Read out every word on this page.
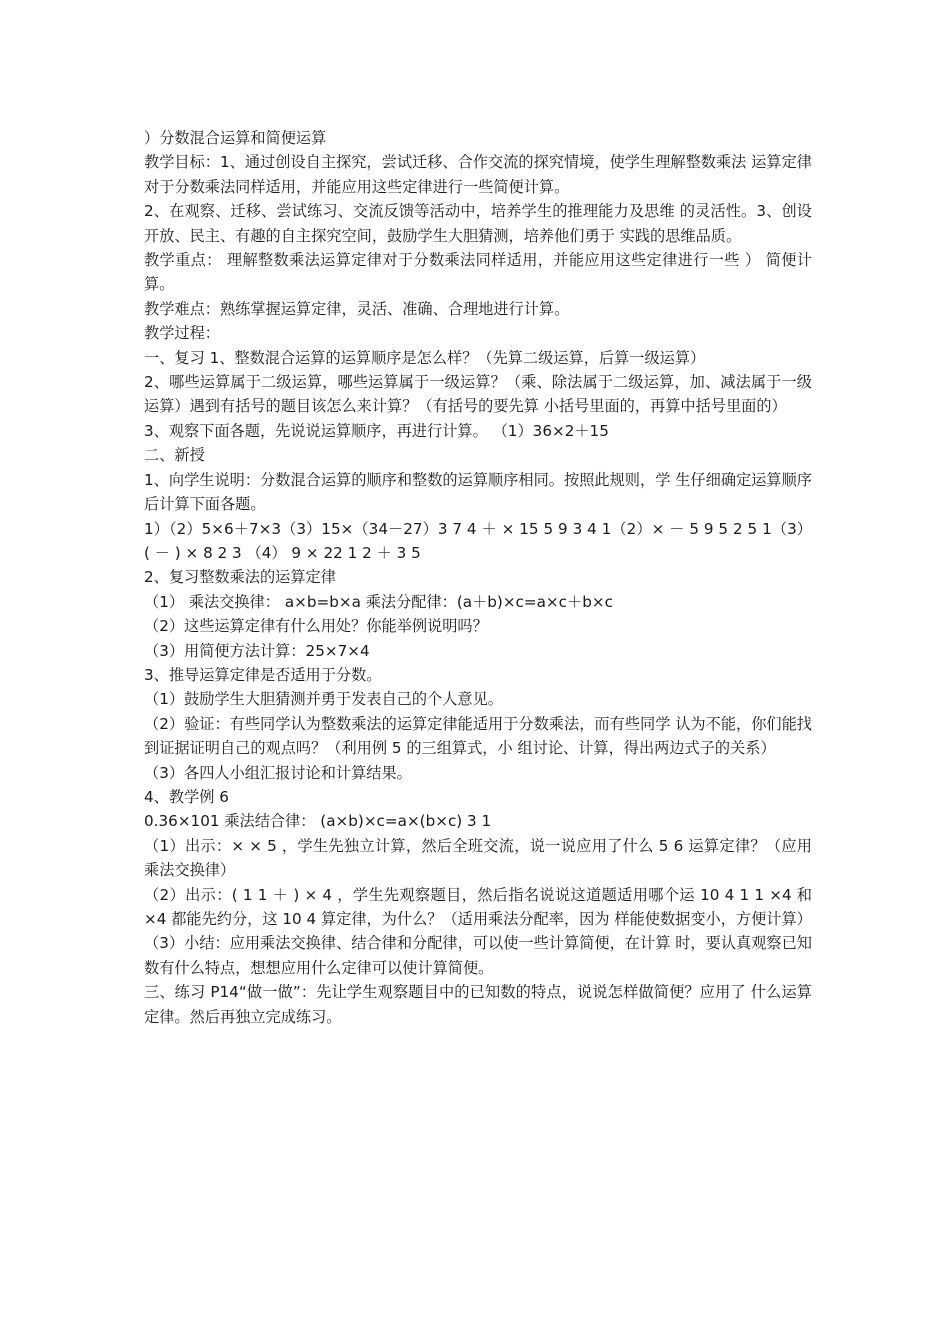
）分数混合运算和简便运算

教学目标：1、通过创设自主探究，尝试迁移、合作交流的探究情境，使学生理解整数乘法 运算定律对于分数乘法同样适用，并能应用这些定律进行一些简便计算。

2、在观察、迁移、尝试练习、交流反馈等活动中，培养学生的推理能力及思维 的灵活性。3、创设开放、民主、有趣的自主探究空间，鼓励学生大胆猜测，培养他们勇于 实践的思维品质。

教学重点： 理解整数乘法运算定律对于分数乘法同样适用，并能应用这些定律进行一些 ） 简便计算。

教学难点：熟练掌握运算定律，灵活、准确、合理地进行计算。

教学过程：

一、复习 1、整数混合运算的运算顺序是怎么样？（先算二级运算，后算一级运算）

2、哪些运算属于二级运算，哪些运算属于一级运算？（乘、除法属于二级运算，加、减法属于一级运算）遇到有括号的题目该怎么来计算？（有括号的要先算 小括号里面的，再算中括号里面的）

3、观察下面各题，先说说运算顺序，再进行计算。 （1）36×2＋15

二、新授

1、向学生说明：分数混合运算的顺序和整数的运算顺序相同。按照此规则，学 生仔细确定运算顺序后计算下面各题。

1）（2）5×6＋7×3（3）15×（34－27）3 7 4 ＋ × 15 5 9 3 4 1（2）× － 5 9 5 2 5 1（3）( － ) × 8 2 3 （4） 9 × 22 1 2 ＋ 3 5

2、复习整数乘法的运算定律

（1） 乘法交换律： a×b=b×a 乘法分配律：(a＋b)×c=a×c＋b×c

（2）这些运算定律有什么用处？你能举例说明吗？

（3）用简便方法计算：25×7×4

3、推导运算定律是否适用于分数。

（1）鼓励学生大胆猜测并勇于发表自己的个人意见。

（2）验证：有些同学认为整数乘法的运算定律能适用于分数乘法，而有些同学 认为不能，你们能找到证据证明自己的观点吗？（利用例 5 的三组算式，小 组讨论、计算，得出两边式子的关系）

（3）各四人小组汇报讨论和计算结果。

4、教学例 6

0.36×101 乘法结合律： (a×b)×c=a×(b×c) 3 1

（1）出示：× × 5 ，学生先独立计算，然后全班交流，说一说应用了什么 5 6 运算定律？（应用乘法交换律）

（2）出示：( 1 1 ＋ ) × 4 ，学生先观察题目，然后指名说说这道题适用哪个运 10 4 1 1 ×4 和 ×4 都能先约分，这 10 4 算定律，为什么？（适用乘法分配率，因为 样能使数据变小，方便计算）

（3）小结：应用乘法交换律、结合律和分配律，可以使一些计算简便，在计算 时，要认真观察已知数有什么特点，想想应用什么定律可以使计算简便。

三、练习 P14“做一做”：先让学生观察题目中的已知数的特点，说说怎样做简便？应用了 什么运算定律。然后再独立完成练习。
